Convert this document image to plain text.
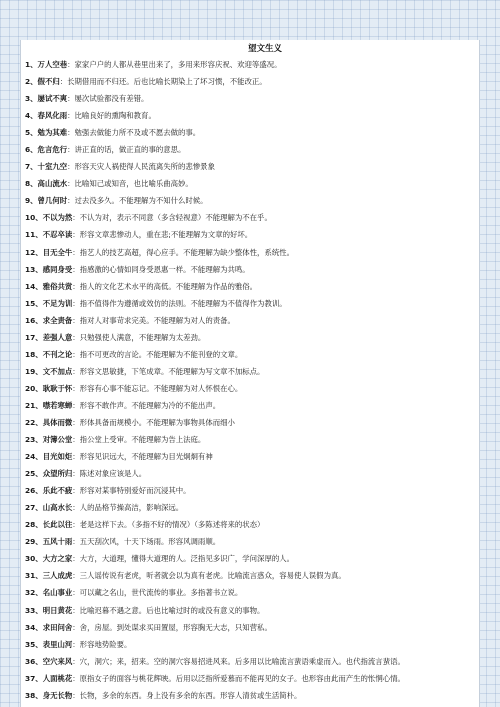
望文生义
1、 万人空巷 ： 家家户户的人都从巷里出来了，多用来形容庆祝、欢迎等盛况。
2、 假不归 ： 长期借用而不归还。后也比喻长期染上了坏习惯，不能改正。
3、 屡试不爽 ： 屡次试验都没有差错。
4、 春风化雨 ： 比喻良好的熏陶和教育。
5、 勉为其难 ： 勉强去做能力所不及或不愿去做的事。
6、 危言危行 ： 讲正直的话，做正直的事的意思。
7、 十室九空 ： 形容天灾人祸使得人民流离失所的悲惨景象
8、 高山流水 ： 比喻知己或知音，也比喻乐曲高妙。
9、 曾几何时 ： 过去没多久。不能理解为不知什么时候。
10、 不以为然 ： 不认为对，表示不同意（多含轻视意）不能理解为不在乎。
11、 不忍卒读 ： 形容文章悲惨动人，重在悲;不能理解为文章的好坏。
12、 目无全牛 ： 指艺人的技艺高超，得心应手。不能理解为缺少整体性，系统性。
13、 感同身受 ： 指感激的心情如同身受恩惠一样。不能理解为共鸣。
14、 雅俗共赏 ： 指人的文化艺术水平的高低。不能理解为作品的雅俗。
15、 不足为训 ： 指不值得作为遵循或效仿的法则。不能理解为不值得作为教训。
16、 求全责备 ： 指对人对事苛求完美。不能理解为对人的责备。
17、 差强人意 ： 只勉强使人满意，不能理解为太差劲。
18、 不刊之论 ： 指不可更改的言论。不能理解为不能刊登的文章。
19、 文不加点 ： 形容文思敏捷，下笔成章。不能理解为写文章不加标点。
20、 耿耿于怀 ： 形容有心事不能忘记。不能理解为对人怀恨在心。
21、 噤若寒蝉 ： 形容不敢作声。不能理解为冷的不能出声。
22、 具体而微 ： 形体具备而规模小。不能理解为事物具体而细小
23、 对簿公堂 ： 指公堂上受审。不能理解为告上法庭。
24、 目光如炬 ： 形容见识远大，不能理解为目光炯炯有神
25、 众望所归 ： 陈述对象应该是人。
26、 乐此不疲 ： 形容对某事特别爱好而沉浸其中。
27、 山高水长 ： 人的品格节操高洁，影响深远。
28、 长此以往 ： 老是这样下去。（多指不好的情况）（多陈述将来的状态）
29、 五风十雨 ： 五天刮次风，十天下场雨。形容风调雨顺。
30、 大方之家 ： 大方，大道理，懂得大道理的人。泛指见多识广，学问深厚的人。
31、 三人成虎 ： 三人谣传说有老虎，听者就会以为真有老虎。比喻流言惑众，容易使人误假为真。
32、 名山事业 ： 可以藏之名山，世代流传的事业。多指著书立说。
33、 明日黄花 ： 比喻迟暮不遇之意。后也比喻过时的或没有意义的事物。
34、 求田问舍 ： 舍，房屋。到处谋求买田置屋，形容胸无大志，只知营私。
35、 表里山河 ： 形容地势险要。
36、 空穴来风 ： 穴，洞穴；来，招来。空的洞穴容易招进风来。后多用以比喻流言蜚语乘虚而入。也代指流言蜚语。
37、 人面桃花 ： 原指女子的面容与桃花辉映。后用以泛指所爱慕而不能再见的女子。也形容由此而产生的怅惘心情。
38、 身无长物 ： 长物，多余的东西。身上没有多余的东西。形容人清贫或生活简朴。
